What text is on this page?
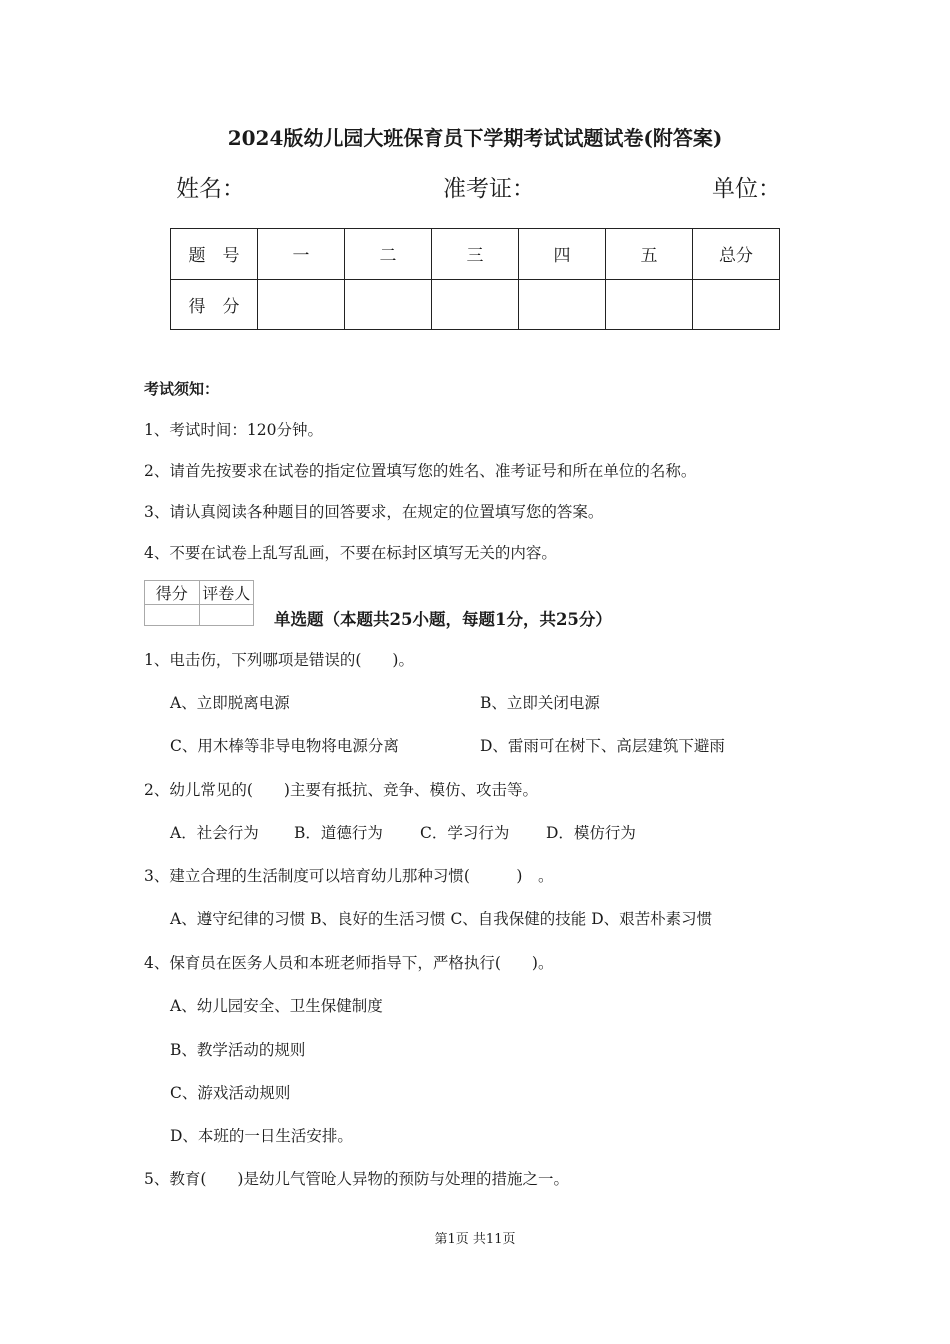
2024版幼儿园大班保育员下学期考试试题试卷(附答案)
姓名：	准考证：	单位：
题　号	一	二	三	四	五	总分
得　分						
考试须知：
1、考试时间：120分钟。
2、请首先按要求在试卷的指定位置填写您的姓名、准考证号和所在单位的名称。
3、请认真阅读各种题目的回答要求，在规定的位置填写您的答案。
4、不要在试卷上乱写乱画，不要在标封区填写无关的内容。
得分	评卷人

单选题（本题共25小题，每题1分，共25分）
1、电击伤，下列哪项是错误的(　　)。
A、立即脱离电源	B、立即关闭电源
C、用木棒等非导电物将电源分离	D、雷雨可在树下、高层建筑下避雨
2、幼儿常见的(　　)主要有抵抗、竞争、模仿、攻击等。
A．社会行为 B．道德行为 C．学习行为 D．模仿行为
3、建立合理的生活制度可以培育幼儿那种习惯(　　　)　。
A、遵守纪律的习惯 B、良好的生活习惯 C、自我保健的技能 D、艰苦朴素习惯
4、保育员在医务人员和本班老师指导下，严格执行(　　)。
A、幼儿园安全、卫生保健制度
B、教学活动的规则
C、游戏活动规则
D、本班的一日生活安排。
5、教育(　　)是幼儿气管呛人异物的预防与处理的措施之一。
第1页 共11页
